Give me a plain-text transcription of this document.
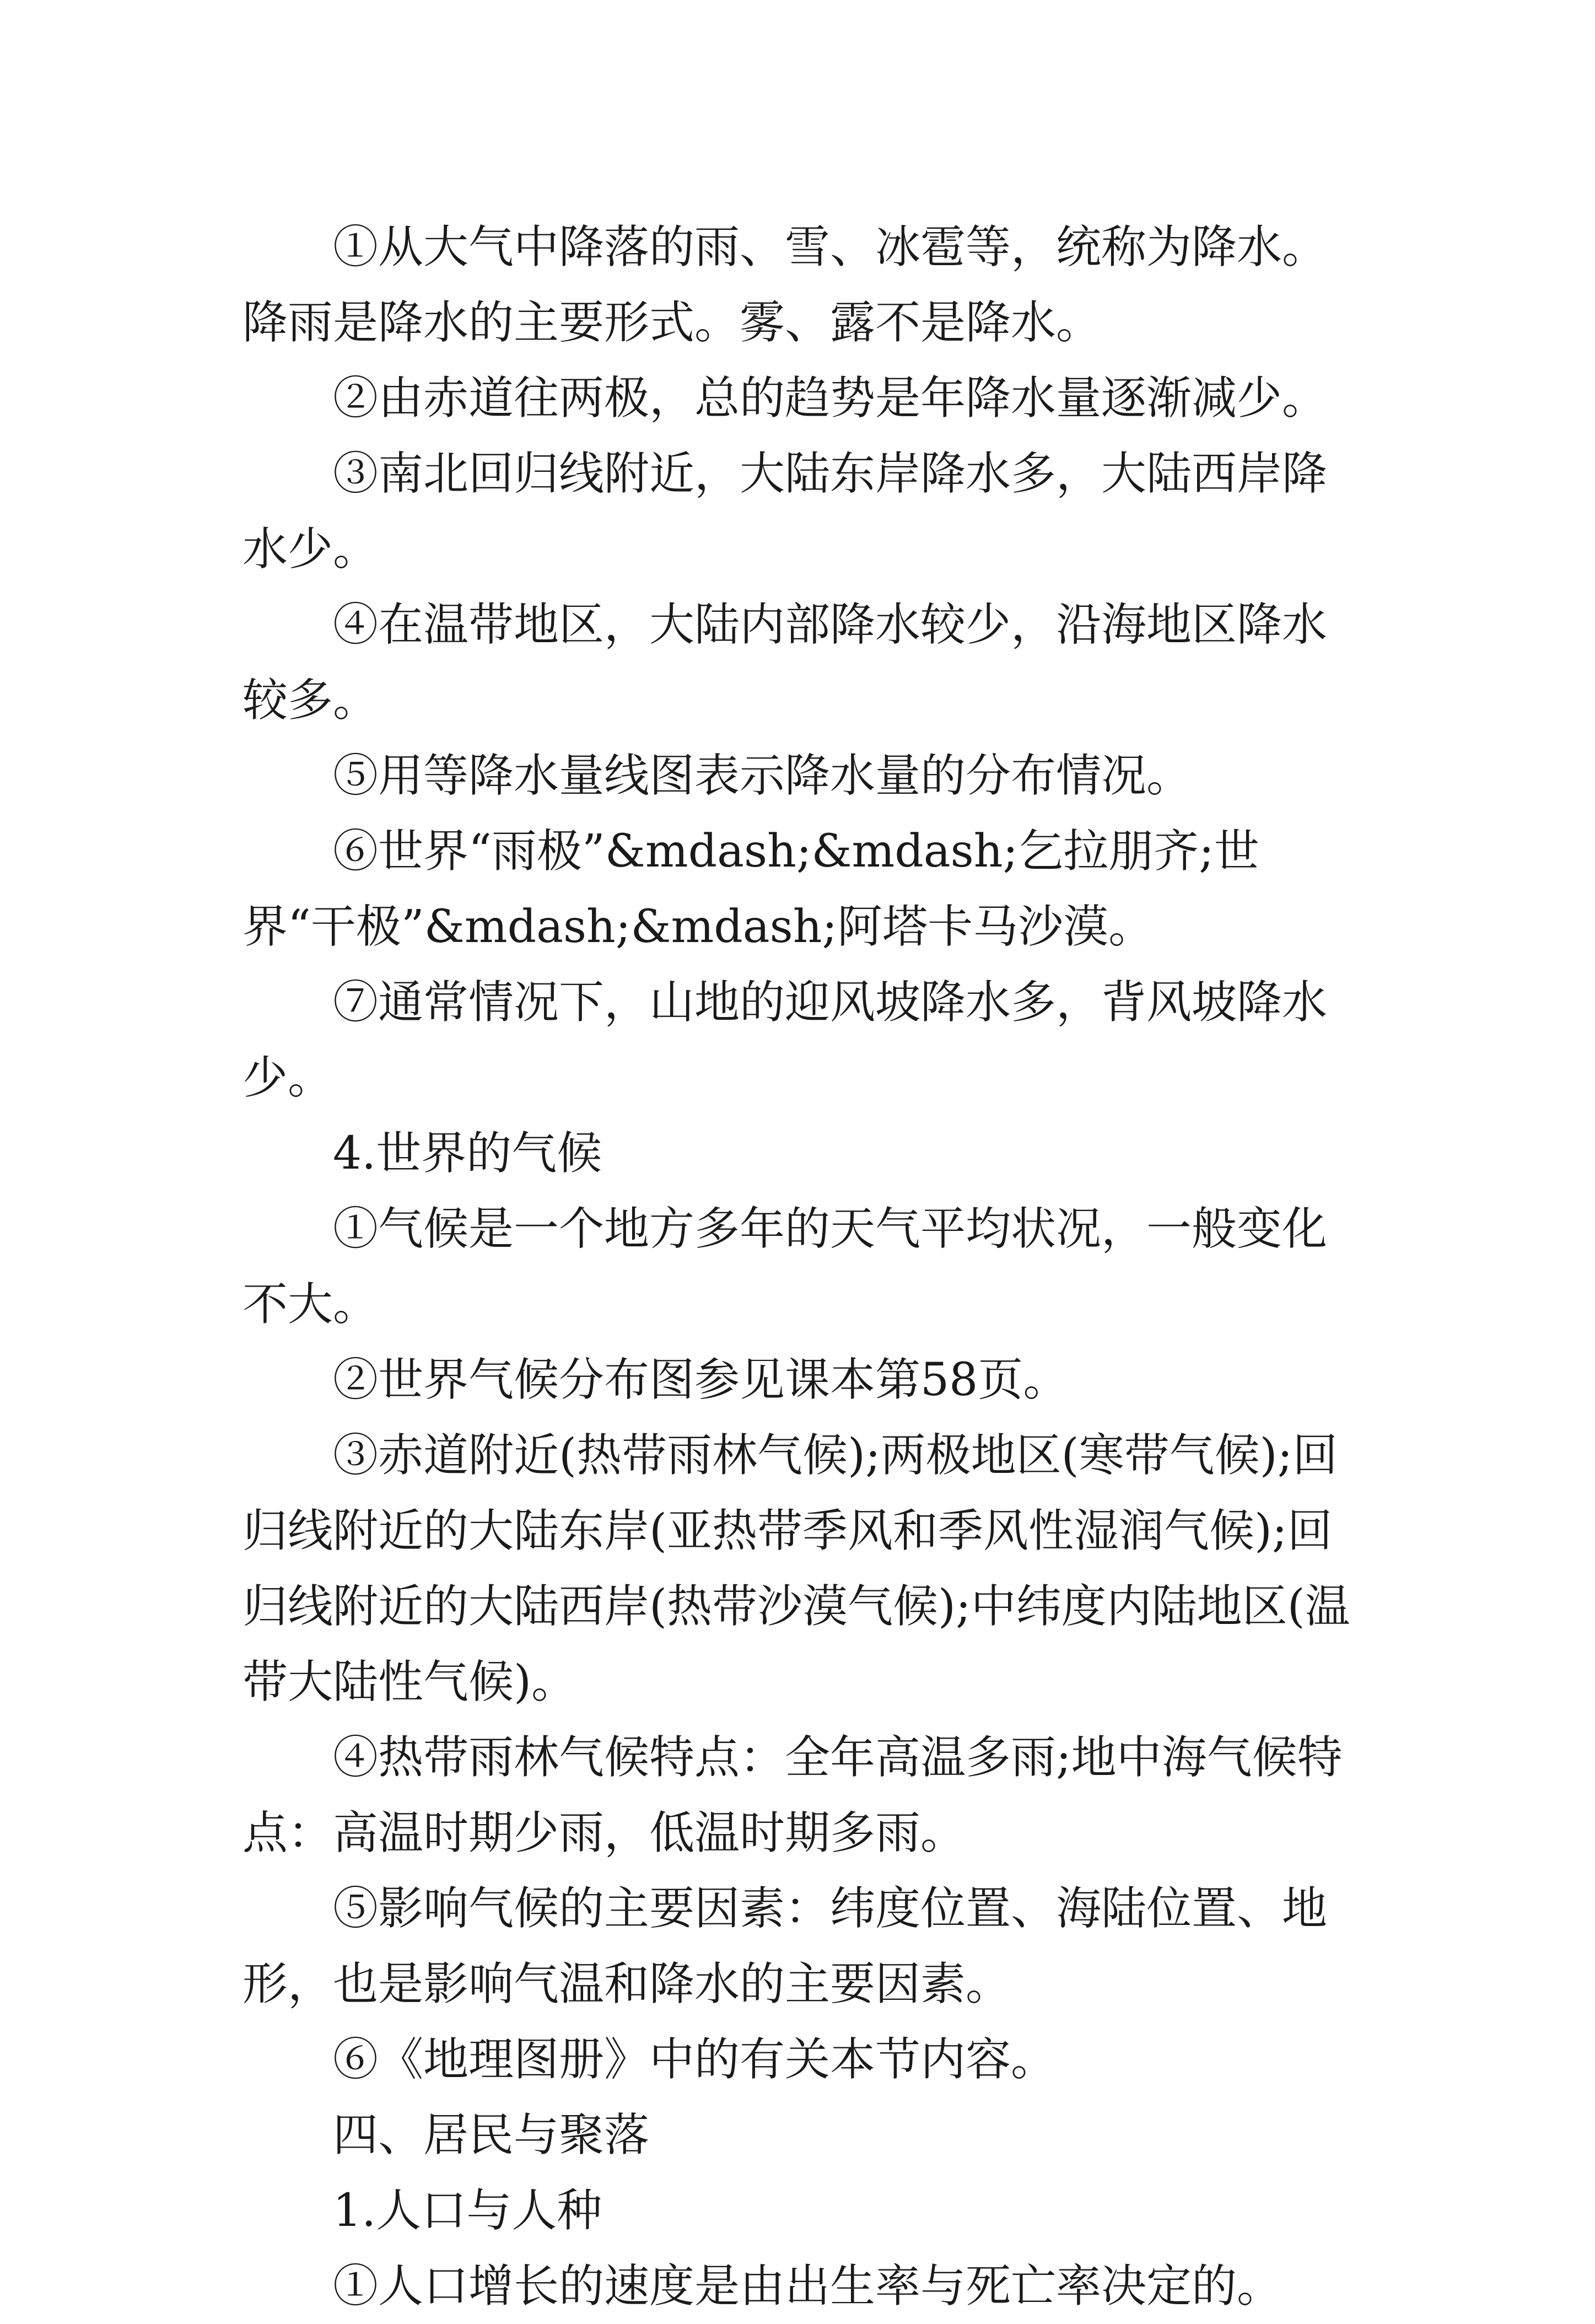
①从大气中降落的雨、雪、冰雹等，统称为降水。降雨是降水的主要形式。雾、露不是降水。

②由赤道往两极，总的趋势是年降水量逐渐减少。

③南北回归线附近，大陆东岸降水多，大陆西岸降水少。

④在温带地区，大陆内部降水较少，沿海地区降水较多。

⑤用等降水量线图表示降水量的分布情况。

⑥世界“雨极”&mdash;&mdash;乞拉朋齐;世界“干极”&mdash;&mdash;阿塔卡马沙漠。

⑦通常情况下，山地的迎风坡降水多，背风坡降水少。

4.世界的气候

①气候是一个地方多年的天气平均状况，一般变化不大。

②世界气候分布图参见课本第58页。

③赤道附近(热带雨林气候);两极地区(寒带气候);回归线附近的大陆东岸(亚热带季风和季风性湿润气候);回归线附近的大陆西岸(热带沙漠气候);中纬度内陆地区(温带大陆性气候)。

④热带雨林气候特点：全年高温多雨;地中海气候特点：高温时期少雨，低温时期多雨。

⑤影响气候的主要因素：纬度位置、海陆位置、地形，也是影响气温和降水的主要因素。

⑥《地理图册》中的有关本节内容。

四、居民与聚落

1.人口与人种

①人口增长的速度是由出生率与死亡率决定的。
